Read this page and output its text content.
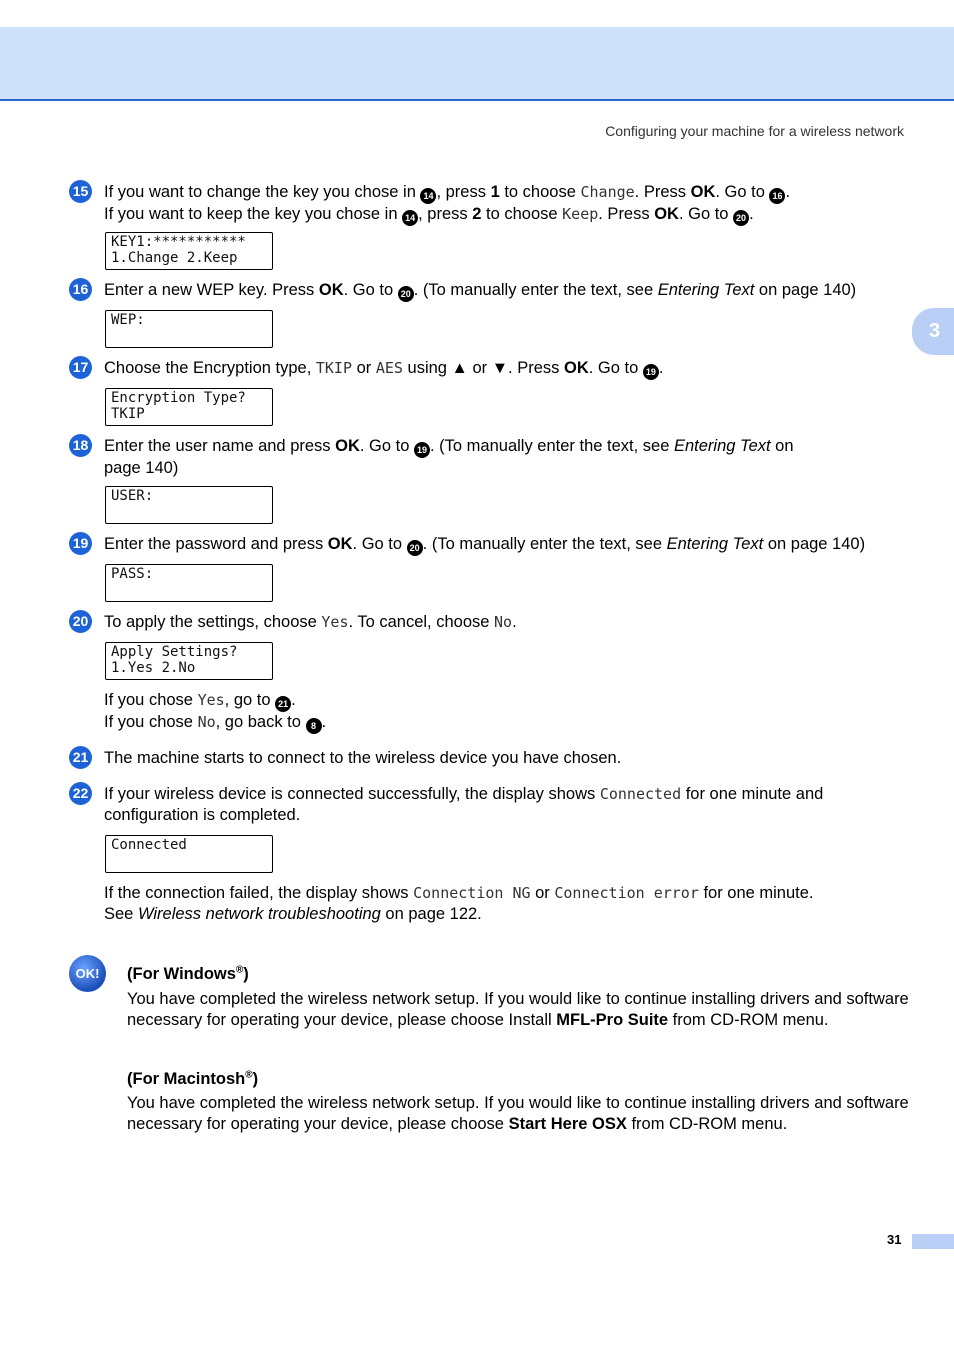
Configuring your machine for a wireless network
3
15 If you want to change the key you chose in 14 , press 1 to choose Change. Press OK. Go to 16 .
If you want to keep the key you chose in 14 , press 2 to choose Keep. Press OK. Go to 20 .
KEY1:***********
1.Change 2.Keep
16 Enter a new WEP key. Press OK. Go to 20 . (To manually enter the text, see Entering Text on page 140)
WEP:
17 Choose the Encryption type, TKIP or AES using ▲ or ▼. Press OK. Go to 19 .
Encryption Type?
TKIP
18 Enter the user name and press OK. Go to 19 . (To manually enter the text, see Entering Text on page 140)
USER:
19 Enter the password and press OK. Go to 20 . (To manually enter the text, see Entering Text on page 140)
PASS:
20 To apply the settings, choose Yes. To cancel, choose No.
Apply Settings?
1.Yes 2.No
If you chose Yes, go to 21 .
If you chose No, go back to 8 .
21 The machine starts to connect to the wireless device you have chosen.
22 If your wireless device is connected successfully, the display shows Connected for one minute and configuration is completed.
Connected
If the connection failed, the display shows Connection NG or Connection error for one minute.
See Wireless network troubleshooting on page 122.
OK!	(For Windows®)
You have completed the wireless network setup. If you would like to continue installing drivers and software necessary for operating your device, please choose Install MFL-Pro Suite from CD-ROM menu.
(For Macintosh®)
You have completed the wireless network setup. If you would like to continue installing drivers and software necessary for operating your device, please choose Start Here OSX from CD-ROM menu.
31
